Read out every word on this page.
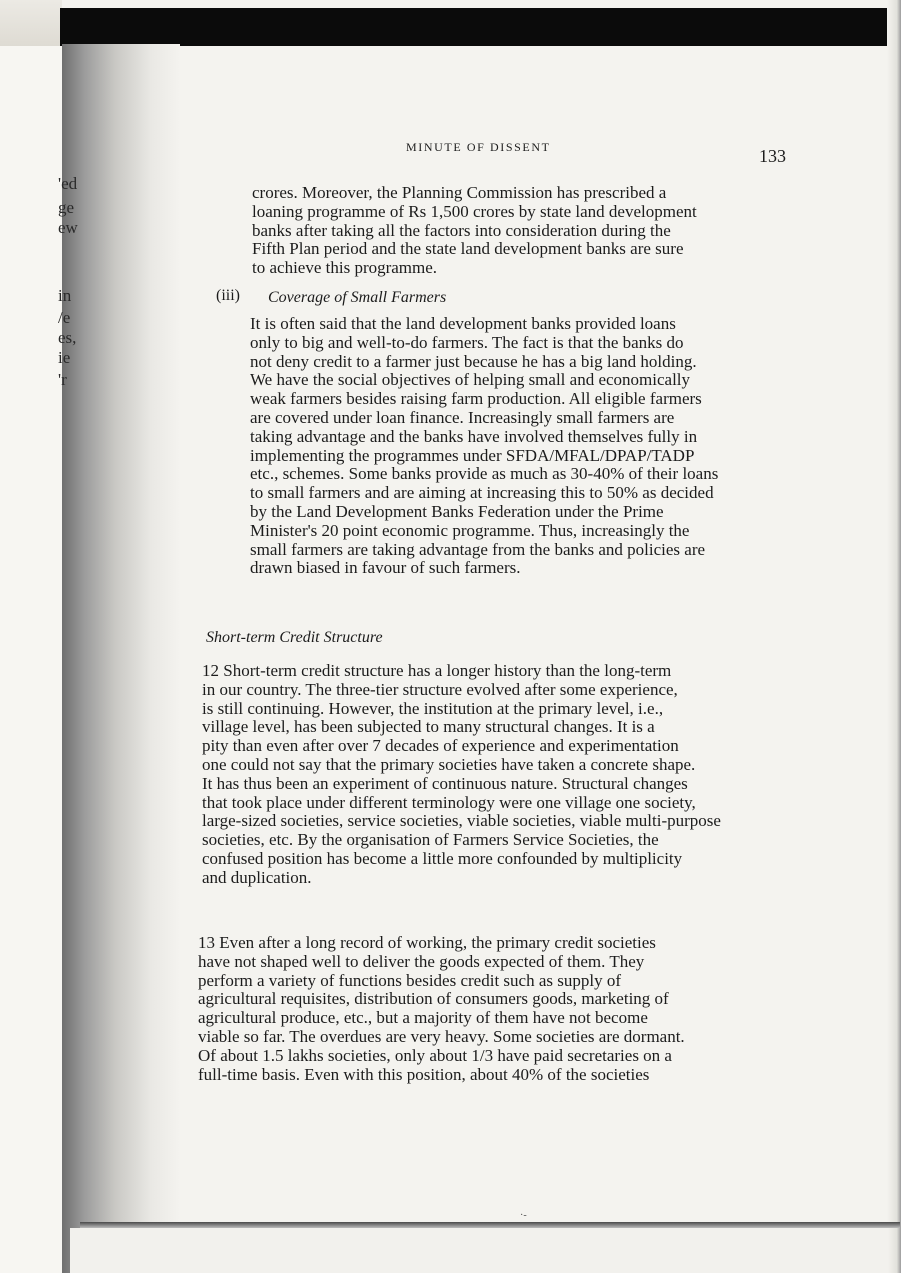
'ed
ge
ew
in
/e
es,
ie
'r
MINUTE OF DISSENT	133
crores. Moreover, the Planning Commission has prescribed a
loaning programme of Rs 1,500 crores by state land development
banks after taking all the factors into consideration during the
Fifth Plan period and the state land development banks are sure
to achieve this programme.
(iii) Coverage of Small Farmers
It is often said that the land development banks provided loans
only to big and well-to-do farmers. The fact is that the banks do
not deny credit to a farmer just because he has a big land holding.
We have the social objectives of helping small and economically
weak farmers besides raising farm production. All eligible farmers
are covered under loan finance. Increasingly small farmers are
taking advantage and the banks have involved themselves fully in
implementing the programmes under SFDA/MFAL/DPAP/TADP
etc., schemes. Some banks provide as much as 30-40% of their loans
to small farmers and are aiming at increasing this to 50% as decided
by the Land Development Banks Federation under the Prime
Minister's 20 point economic programme. Thus, increasingly the
small farmers are taking advantage from the banks and policies are
drawn biased in favour of such farmers.
Short-term Credit Structure
12 Short-term credit structure has a longer history than the long-term
in our country. The three-tier structure evolved after some experience,
is still continuing. However, the institution at the primary level, i.e.,
village level, has been subjected to many structural changes. It is a
pity than even after over 7 decades of experience and experimentation
one could not say that the primary societies have taken a concrete shape.
It has thus been an experiment of continuous nature. Structural changes
that took place under different terminology were one village one society,
large-sized societies, service societies, viable societies, viable multi-purpose
societies, etc. By the organisation of Farmers Service Societies, the
confused position has become a little more confounded by multiplicity
and duplication.
13 Even after a long record of working, the primary credit societies
have not shaped well to deliver the goods expected of them. They
perform a variety of functions besides credit such as supply of
agricultural requisites, distribution of consumers goods, marketing of
agricultural produce, etc., but a majority of them have not become
viable so far. The overdues are very heavy. Some societies are dormant.
Of about 1.5 lakhs societies, only about 1/3 have paid secretaries on a
full-time basis. Even with this position, about 40% of the societies
·‑
